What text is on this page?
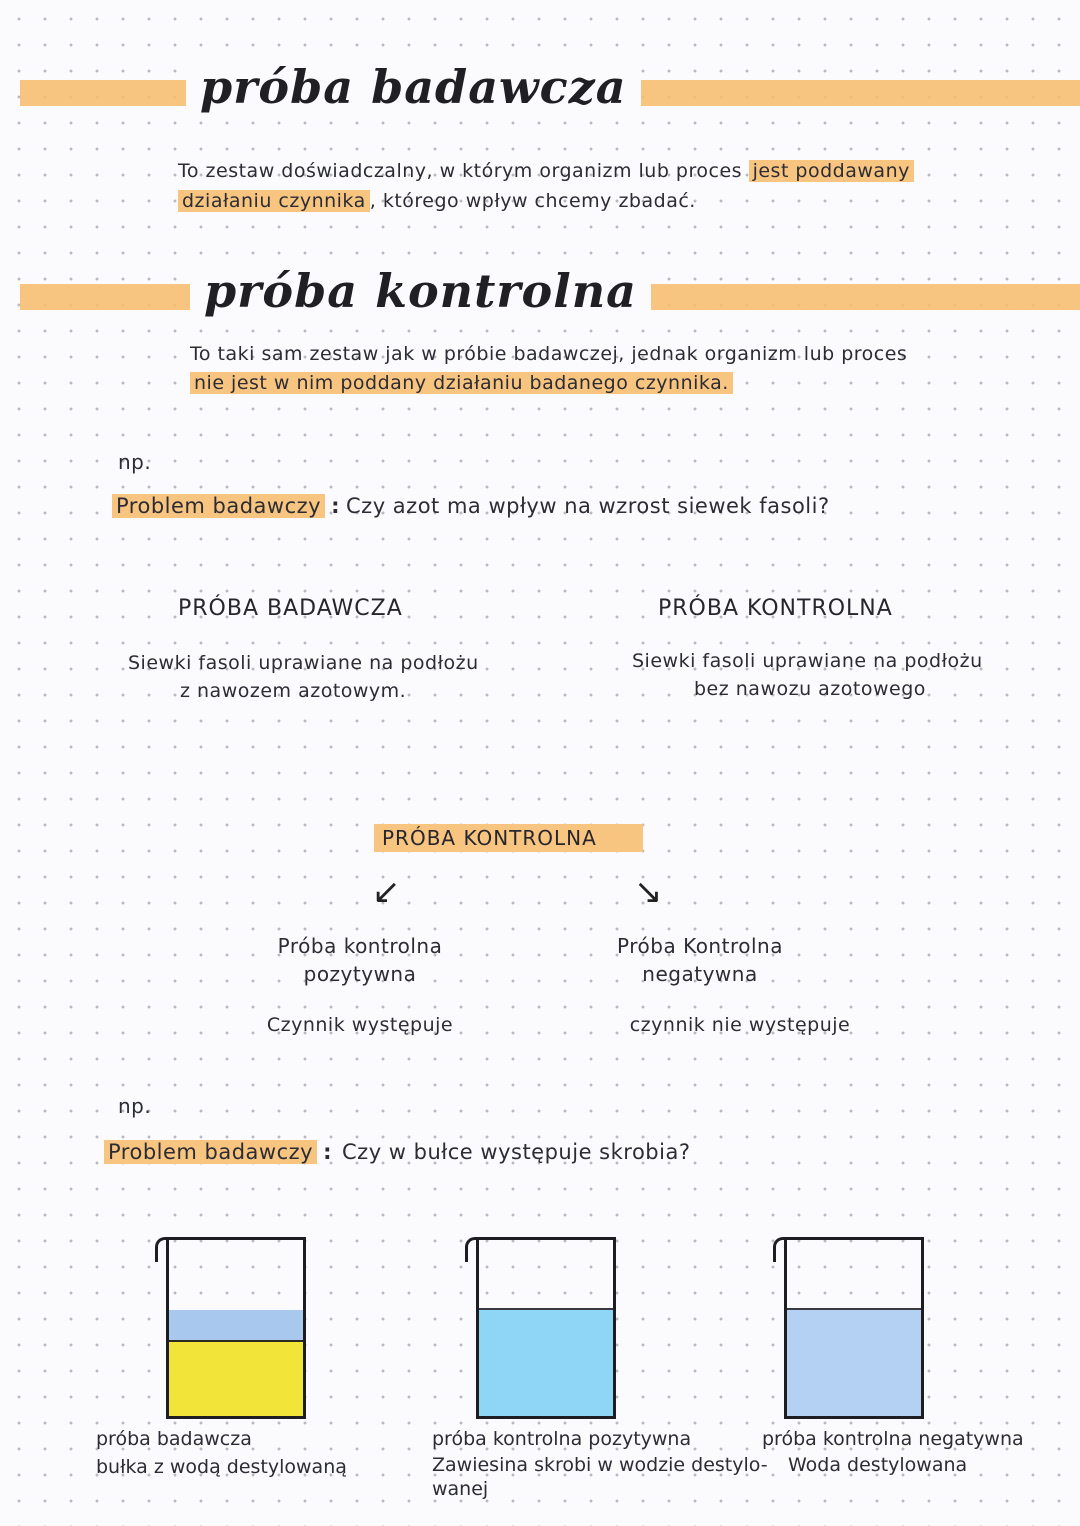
próba badawcza
To zestaw doświadczalny, w którym organizm lub proces jest poddawany
działaniu czynnika , którego wpływ chcemy zbadać.
próba kontrolna
To taki sam zestaw jak w próbie badawczej, jednak organizm lub proces
nie jest w nim poddany działaniu badanego czynnika.
np.
Problem badawczy : Czy azot ma wpływ na wzrost siewek fasoli?
PRÓBA BADAWCZA
Siewki fasoli uprawiane na podłożu
z nawozem azotowym.
PRÓBA KONTROLNA
Siewki fasoli uprawiane na podłożu
bez nawozu azotowego
PRÓBA KONTROLNA
↙	↘
Próba kontrolna
pozytywna
Czynnik występuje
Próba Kontrolna
negatywna
czynnik nie występuje
np.
Problem badawczy : Czy w bułce występuje skrobia?
próba badawcza
bułka z wodą destylowaną
próba kontrolna pozytywna
Zawiesina skrobi w wodzie destylo-
wanej
próba kontrolna negatywna
Woda destylowana
